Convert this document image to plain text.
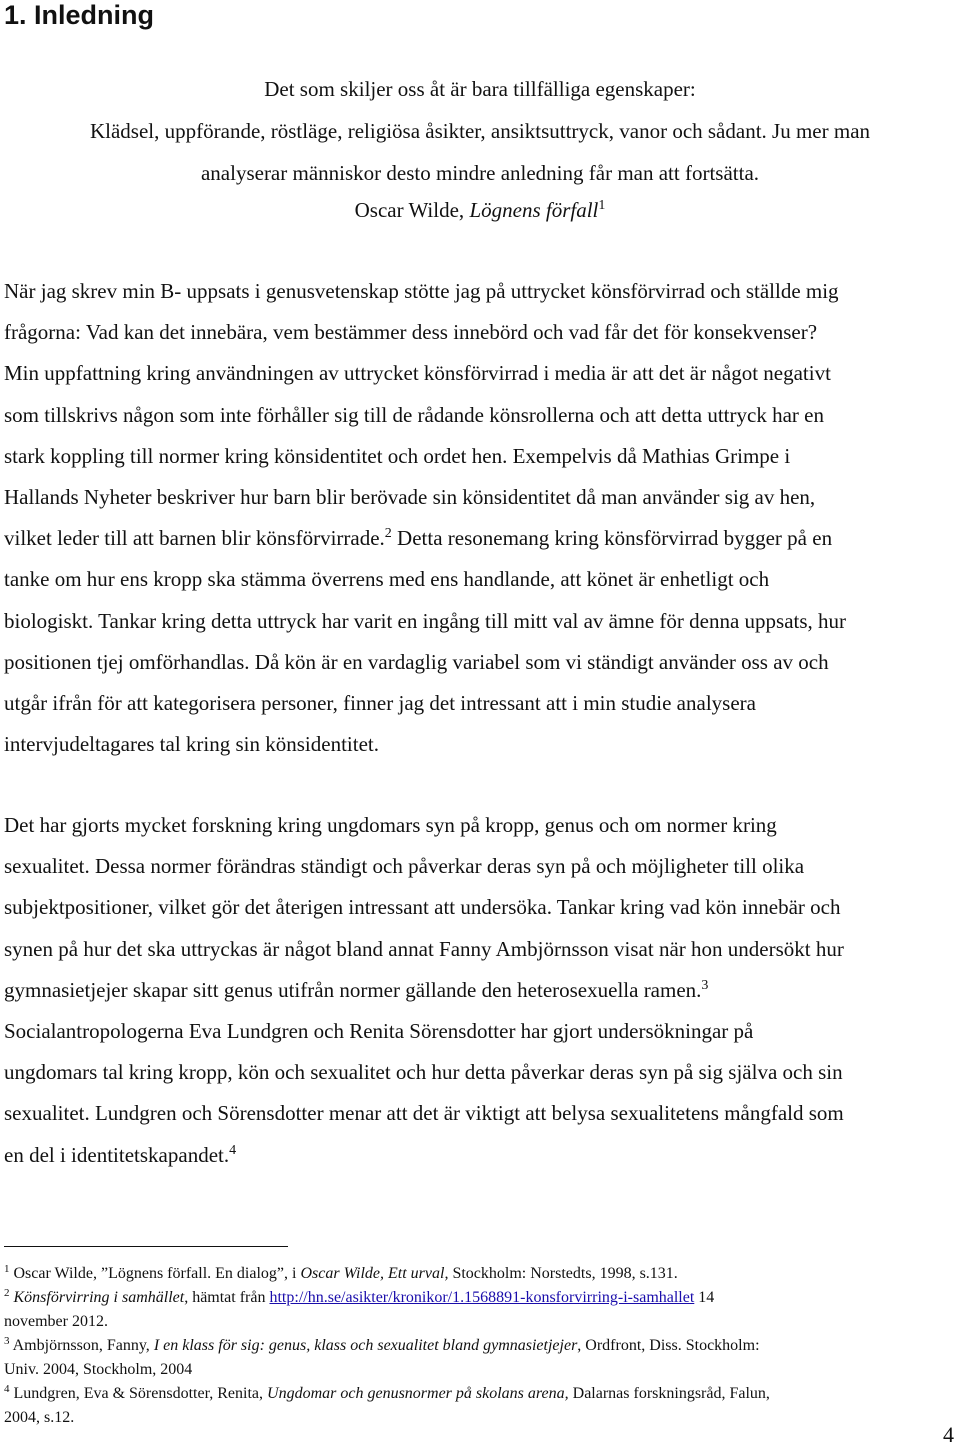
1. Inledning

Det som skiljer oss åt är bara tillfälliga egenskaper:

Klädsel, uppförande, röstläge, religiösa åsikter, ansiktsuttryck, vanor och sådant. Ju mer man

analyserar människor desto mindre anledning får man att fortsätta.

Oscar Wilde, Lögnens förfall$^1$
När jag skrev min B- uppsats i genusvetenskap stötte jag på uttrycket könsförvirrad och ställde mig
frågorna: Vad kan det innebära, vem bestämmer dess innebörd och vad får det för konsekvenser?
Min uppfattning kring användningen av uttrycket könsförvirrad i media är att det är något negativt
som tillskrivs någon som inte förhåller sig till de rådande könsrollerna och att detta uttryck har en
stark koppling till normer kring könsidentitet och ordet hen. Exempelvis då Mathias Grimpe i
Hallands Nyheter beskriver hur barn blir berövade sin könsidentitet då man använder sig av hen,
vilket leder till att barnen blir könsförvirrade.$^2$ Detta resonemang kring könsförvirrad bygger på en
tanke om hur ens kropp ska stämma överrens med ens handlande, att könet är enhetligt och
biologiskt. Tankar kring detta uttryck har varit en ingång till mitt val av ämne för denna uppsats, hur
positionen tjej omförhandlas. Då kön är en vardaglig variabel som vi ständigt använder oss av och
utgår ifrån för att kategorisera personer, finner jag det intressant att i min studie analysera
intervjudeltagares tal kring sin könsidentitet.
Det har gjorts mycket forskning kring ungdomars syn på kropp, genus och om normer kring
sexualitet. Dessa normer förändras ständigt och påverkar deras syn på och möjligheter till olika
subjektpositioner, vilket gör det återigen intressant att undersöka. Tankar kring vad kön innebär och
synen på hur det ska uttryckas är något bland annat Fanny Ambjörnsson visat när hon undersökt hur
gymnasietjejer skapar sitt genus utifrån normer gällande den heterosexuella ramen.$^3$
Socialantropologerna Eva Lundgren och Renita Sörensdotter har gjort undersökningar på
ungdomars tal kring kropp, kön och sexualitet och hur detta påverkar deras syn på sig själva och sin
sexualitet. Lundgren och Sörensdotter menar att det är viktigt att belysa sexualitetens mångfald som
en del i identitetskapandet.$^4$
$^1$ Oscar Wilde, ”Lögnens förfall. En dialog”, i Oscar Wilde, Ett urval, Stockholm: Norstedts, 1998, s.131.
$^2$ Könsförvirring i samhället, hämtat från http://hn.se/asikter/kronikor/1.1568891-konsforvirring-i-samhallet 14
november 2012.
$^3$ Ambjörnsson, Fanny, I en klass för sig: genus, klass och sexualitet bland gymnasietjejer, Ordfront, Diss. Stockholm:
Univ. 2004, Stockholm, 2004
$^4$ Lundgren, Eva & Sörensdotter, Renita, Ungdomar och genusnormer på skolans arena, Dalarnas forskningsråd, Falun,
2004, s.12.
4
